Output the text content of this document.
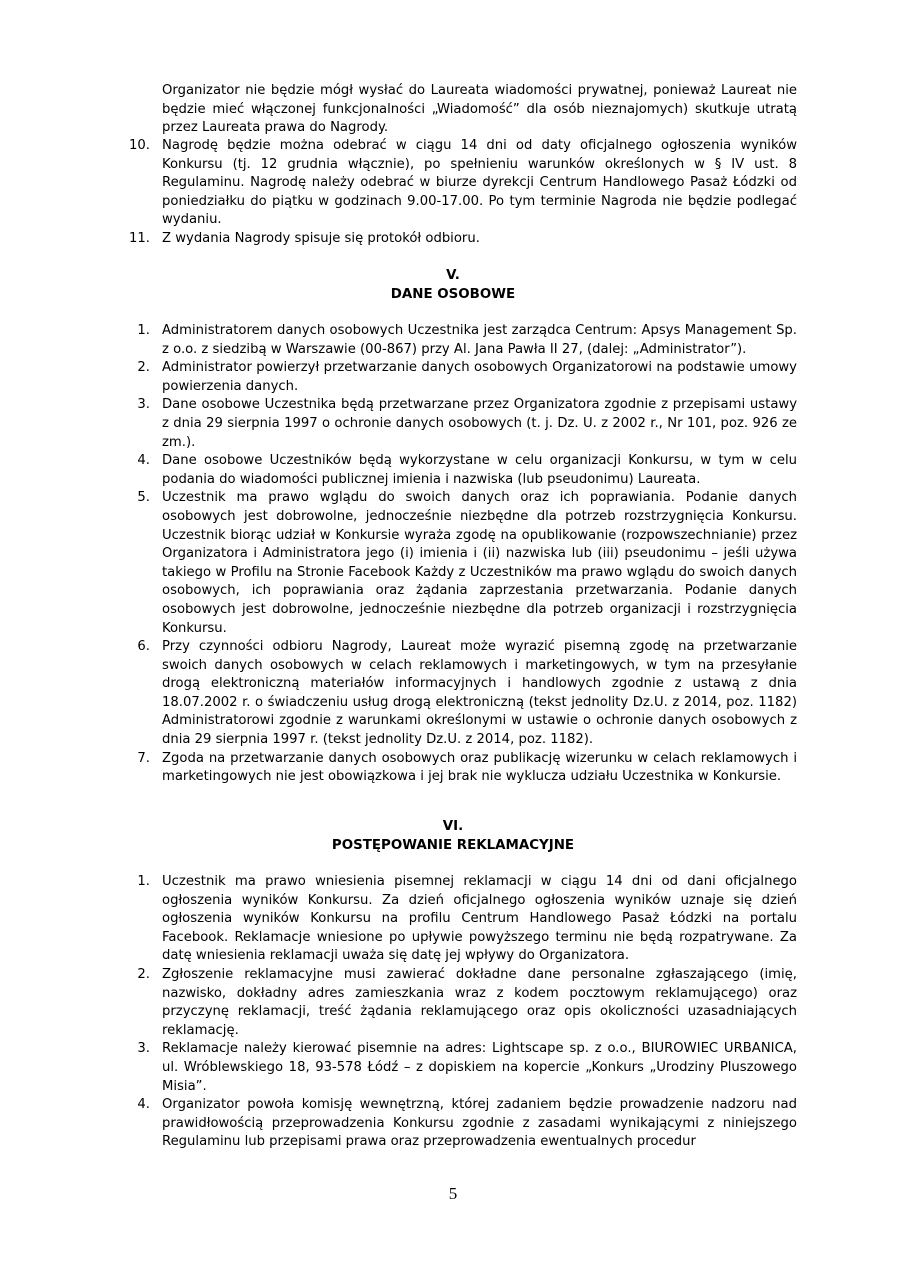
Organizator nie będzie mógł wysłać do Laureata wiadomości prywatnej, ponieważ Laureat nie będzie mieć włączonej funkcjonalności „Wiadomość” dla osób nieznajomych) skutkuje utratą przez Laureata prawa do Nagrody.
10. Nagrodę będzie można odebrać w ciągu 14 dni od daty oficjalnego ogłoszenia wyników Konkursu (tj. 12 grudnia włącznie), po spełnieniu warunków określonych w § IV ust. 8 Regulaminu. Nagrodę należy odebrać w biurze dyrekcji Centrum Handlowego Pasaż Łódzki od poniedziałku do piątku w godzinach 9.00-17.00. Po tym terminie Nagroda nie będzie podlegać wydaniu.
11. Z wydania Nagrody spisuje się protokół odbioru.
V.
DANE OSOBOWE
1. Administratorem danych osobowych Uczestnika jest zarządca Centrum: Apsys Management Sp. z o.o. z siedzibą w Warszawie (00-867) przy Al. Jana Pawła II 27, (dalej: „Administrator”).
2. Administrator powierzył przetwarzanie danych osobowych Organizatorowi na podstawie umowy powierzenia danych.
3. Dane osobowe Uczestnika będą przetwarzane przez Organizatora zgodnie z przepisami ustawy z dnia 29 sierpnia 1997 o ochronie danych osobowych (t. j. Dz. U. z 2002 r., Nr 101, poz. 926 ze zm.).
4. Dane osobowe Uczestników będą wykorzystane w celu organizacji Konkursu, w tym w celu podania do wiadomości publicznej imienia i nazwiska (lub pseudonimu) Laureata.
5. Uczestnik ma prawo wglądu do swoich danych oraz ich poprawiania. Podanie danych osobowych jest dobrowolne, jednocześnie niezbędne dla potrzeb rozstrzygnięcia Konkursu. Uczestnik biorąc udział w Konkursie wyraża zgodę na opublikowanie (rozpowszechnianie) przez Organizatora i Administratora jego (i) imienia i (ii) nazwiska lub (iii) pseudonimu – jeśli używa takiego w Profilu na Stronie Facebook Każdy z Uczestników ma prawo wglądu do swoich danych osobowych, ich poprawiania oraz żądania zaprzestania przetwarzania. Podanie danych osobowych jest dobrowolne, jednocześnie niezbędne dla potrzeb organizacji i rozstrzygnięcia Konkursu.
6. Przy czynności odbioru Nagrody, Laureat może wyrazić pisemną zgodę na przetwarzanie swoich danych osobowych w celach reklamowych i marketingowych, w tym na przesyłanie drogą elektroniczną materiałów informacyjnych i handlowych zgodnie z ustawą z dnia 18.07.2002 r. o świadczeniu usług drogą elektroniczną (tekst jednolity Dz.U. z 2014, poz. 1182) Administratorowi zgodnie z warunkami określonymi w ustawie o ochronie danych osobowych z dnia 29 sierpnia 1997 r. (tekst jednolity Dz.U. z 2014, poz. 1182).
7. Zgoda na przetwarzanie danych osobowych oraz publikację wizerunku w celach reklamowych i marketingowych nie jest obowiązkowa i jej brak nie wyklucza udziału Uczestnika w Konkursie.
VI.
POSTĘPOWANIE REKLAMACYJNE
1. Uczestnik ma prawo wniesienia pisemnej reklamacji w ciągu 14 dni od dani oficjalnego ogłoszenia wyników Konkursu. Za dzień oficjalnego ogłoszenia wyników uznaje się dzień ogłoszenia wyników Konkursu na profilu Centrum Handlowego Pasaż Łódzki na portalu Facebook. Reklamacje wniesione po upływie powyższego terminu nie będą rozpatrywane. Za datę wniesienia reklamacji uważa się datę jej wpływy do Organizatora.
2. Zgłoszenie reklamacyjne musi zawierać dokładne dane personalne zgłaszającego (imię, nazwisko, dokładny adres zamieszkania wraz z kodem pocztowym reklamującego) oraz przyczynę reklamacji, treść żądania reklamującego oraz opis okoliczności uzasadniających reklamację.
3. Reklamacje należy kierować pisemnie na adres: Lightscape sp. z o.o., BIUROWIEC URBANICA, ul. Wróblewskiego 18, 93-578 Łódź – z dopiskiem na kopercie „Konkurs „Urodziny Pluszowego Misia”.
4. Organizator powoła komisję wewnętrzną, której zadaniem będzie prowadzenie nadzoru nad prawidłowością przeprowadzenia Konkursu zgodnie z zasadami wynikającymi z niniejszego Regulaminu lub przepisami prawa oraz przeprowadzenia ewentualnych procedur
5
